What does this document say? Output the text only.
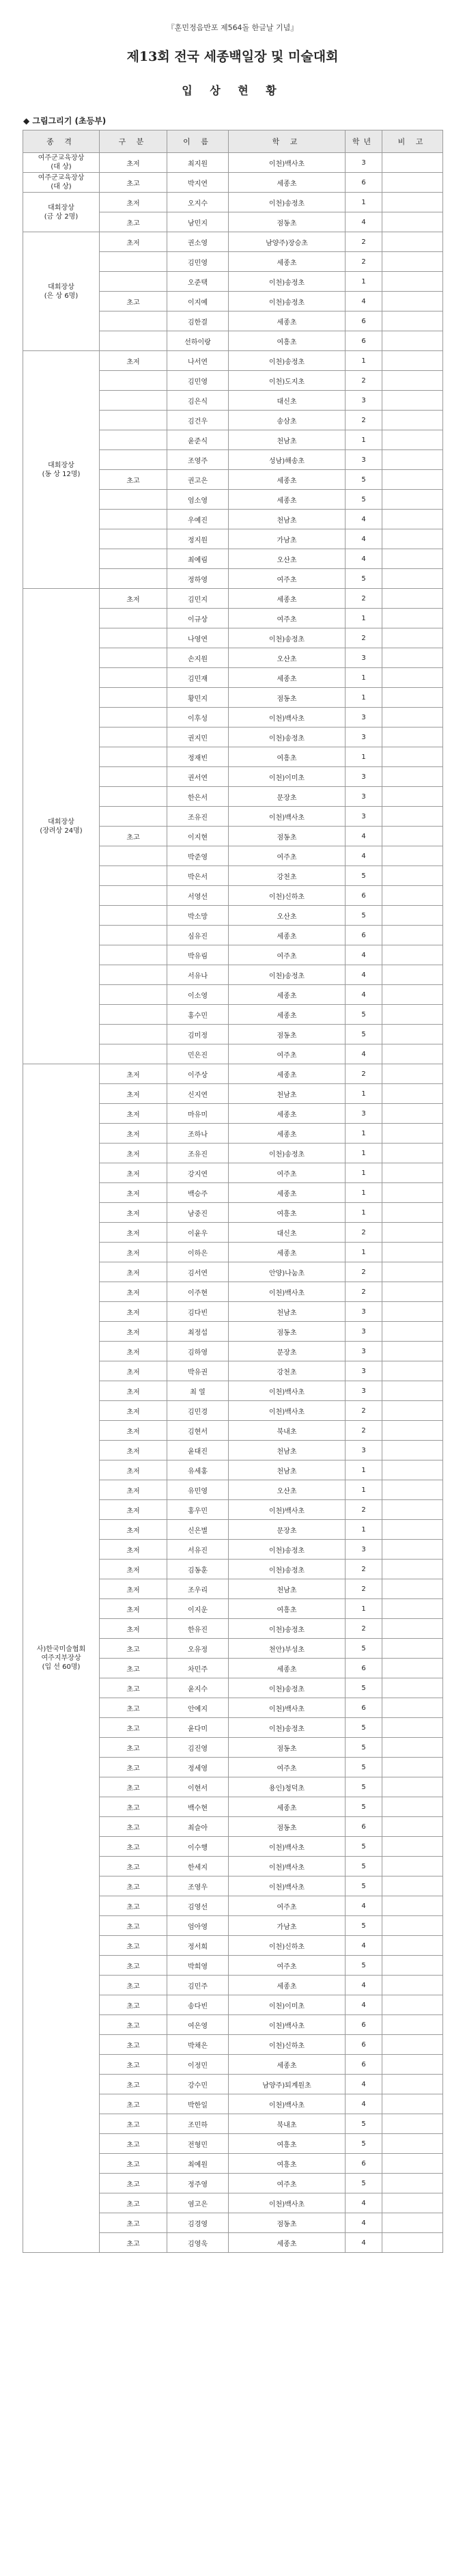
『훈민정음반포 제564돌 한글날 기념』
제13회 전국 세종백일장 및 미술대회
입 상 현 황
◆ 그림그리기 (초등부)
종 격	구 분	이 름	학 교	학년	비 고

여주군교육장상
(대 상)	초저	최지원	이천)백사초	3	

여주군교육장상
(대 상)	초고	박지연	세종초	6	

대회장상
(금 상 2명)	초저	오지수	이천)송정초	1	
	초고	남민지	점동초	4	

대회장상
(은 상 6명)	초저	권소영	남양주)장승초	2	
		김민영	세종초	2	
		오준택	이천)송정초	1	
	초고	이지예	이천)송정초	4	
		김한결	세종초	6	
		선하이랑	여흥초	6	

대회장상
(동 상 12명)	초저	나서연	이천)송정초	1	
		김민영	이천)도지초	2	
		김은식	대신초	3	
		김건우	송삼초	2	
		윤준식	천남초	1	
		조영주	성남)해송초	3	
	초고	권고은	세종초	5	
		엄소영	세종초	5	
		우예진	천남초	4	
		정지원	가남초	4	
		최예림	오산초	4	
		정하영	여주초	5	

대회장상
(장려상 24명)	초저	김민지	세종초	2	
		이규상	여주초	1	
		나영연	이천)송정초	2	
		손지원	오산초	3	
		김민재	세종초	1	
		황민지	점동초	1	
		이후성	이천)백사초	3	
		권지민	이천)송정초	3	
		정재빈	여흥초	1	
		권서연	이천)이미초	3	
		한은서	문장초	3	
		조유진	이천)백사초	3	
	초고	이지현	점동초	4	
		박준영	여주초	4	
		박은서	강천초	5	
		서영선	이천)신하초	6	
		박소망	오산초	5	
		심유진	세종초	6	
		박유림	여주초	4	
		서유나	이천)송정초	4	
		이소영	세종초	4	
		홍수민	세종초	5	
		김미정	점동초	5	
		민은진	여주초	4	

사)한국미술협회
여주지부장상
(입 선 60명)	초저	이주상	세종초	2	
	초저	신지연	천남초	1	
	초저	마유미	세종초	3	
	초저	조하나	세종초	1	
	초저	조유진	이천)송정초	1	
	초저	강지연	여주초	1	
	초저	백승주	세종초	1	
	초저	남중진	여흥초	1	
	초저	이윤우	대신초	2	
	초저	이하은	세종초	1	
	초저	김서연	안양)나눔초	2	
	초저	이주현	이천)백사초	2	
	초저	김다빈	천남초	3	
	초저	최정섭	점동초	3	
	초저	김하영	문장초	3	
	초저	박유권	강천초	3	
	초저	최 열	이천)백사초	3	
	초저	김민경	이천)백사초	2	
	초저	김현서	북내초	2	
	초저	윤대진	천남초	3	
	초저	유세홍	천남초	1	
	초저	유민영	오산초	1	
	초저	홍우민	이천)백사초	2	
	초저	신은별	문장초	1	
	초저	서유진	이천)송정초	3	
	초저	김동훈	이천)송정초	2	
	초저	조우리	천남초	2	
	초저	이지운	여흥초	1	
	초저	한유진	이천)송정초	2	
	초고	오유정	천안)부성초	5	
	초고	차민주	세종초	6	
	초고	윤지수	이천)송정초	5	
	초고	안예지	이천)백사초	6	
	초고	윤다미	이천)송정초	5	
	초고	김진영	점동초	5	
	초고	정세영	여주초	5	
	초고	이현서	용인)청덕초	5	
	초고	백수현	세종초	5	
	초고	최슬아	점동초	6	
	초고	이수행	이천)백사초	5	
	초고	한세지	이천)백사초	5	
	초고	조영우	이천)백사초	5	
	초고	김영선	여주초	4	
	초고	엄아영	가남초	5	
	초고	정서희	이천)신하초	4	
	초고	박희영	여주초	5	
	초고	김민주	세종초	4	
	초고	송다빈	이천)이미초	4	
	초고	여은영	이천)백사초	6	
	초고	박채은	이천)신하초	6	
	초고	이정민	세종초	6	
	초고	강수민	남양주)퇴계원초	4	
	초고	박한일	이천)백사초	4	
	초고	조민하	북내초	5	
	초고	전형민	여흥초	5	
	초고	최예원	여흥초	6	
	초고	정주영	여주초	5	
	초고	염고은	이천)백사초	4	
	초고	김경영	점동초	4	
	초고	김영욱	세종초	4	
